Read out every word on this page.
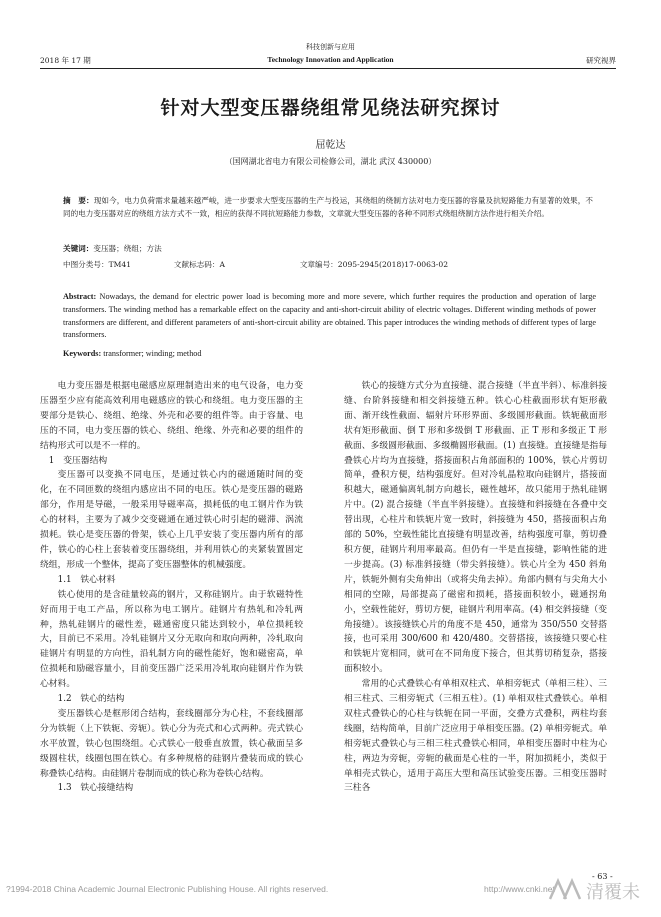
科技创新与应用
2018 年 17 期	Technology Innovation and Application	研究视界
针对大型变压器绕组常见绕法研究探讨
屈乾达
（国网湖北省电力有限公司检修公司，湖北 武汉 430000）
摘　要：现如今，电力负荷需求量越来越严峻，进一步要求大型变压器的生产与投运，其绕组的绕制方法对电力变压器的容量及抗短路能力有显著的效果，不同的电力变压器对应的绕组方法方式不一致，相应的获得不同抗短路能力参数，文章就大型变压器的各种不同形式绕组绕制方法作进行相关介绍。
关键词：变压器；绕组；方法
中图分类号：TM41	文献标志码：A	文章编号：2095-2945(2018)17-0063-02
Abstract: Nowadays, the demand for electric power load is becoming more and more severe, which further requires the production and operation of large transformers. The winding method has a remarkable effect on the capacity and anti-short-circuit ability of electric voltages. Different winding methods of power transformers are different, and different parameters of anti-short-circuit ability are obtained. This paper introduces the winding methods of different types of large transformers.
Keywords: transformer; winding; method

电力变压器是根据电磁感应原理制造出来的电气设备，电力变压器至少应有能高效利用电磁感应的铁心和绕组。电力变压器的主要部分是铁心、绕组、绝缘、外壳和必要的组件等。由于容量、电压的不同，电力变压器的铁心、绕组、绝缘、外壳和必要的组件的结构形式可以是不一样的。

1　变压器结构

变压器可以变换不同电压，是通过铁心内的磁通随时间的变化，在不同匝数的绕组内感应出不同的电压。铁心是变压器的磁路部分，作用是导磁，一般采用导磁率高，损耗低的电工钢片作为铁心的材料，主要为了减少交变磁通在通过铁心时引起的磁滞、涡流损耗。铁心是变压器的骨架，铁心上几乎安装了变压器内所有的部件，铁心的心柱上套装着变压器绕组，并利用铁心的夹紧装置固定绕组，形成一个整体，提高了变压器整体的机械强度。

1.1　铁心材料

铁心使用的是含硅量较高的钢片，又称硅钢片。由于软磁特性好而用于电工产品，所以称为电工钢片。硅钢片有热轧和冷轧两种，热轧硅钢片的磁性差，磁通密度只能达到较小，单位损耗较大，目前已不采用。冷轧硅钢片又分无取向和取向两种，冷轧取向硅钢片有明显的方向性，沿轧制方向的磁性能好，饱和磁密高，单位损耗和励磁容量小，目前变压器广泛采用冷轧取向硅钢片作为铁心材料。

1.2　铁心的结构

变压器铁心是框形闭合结构，套线圈部分为心柱，不套线圈部分为铁轭（上下铁轭、旁轭）。铁心分为壳式和心式两种。壳式铁心水平放置，铁心包围绕组。心式铁心一般垂直放置，铁心截面呈多级圆柱状，线圈包围在铁心。有多种规格的硅钢片叠装而成的铁心称叠铁心结构。由硅钢片卷制而成的铁心称为卷铁心结构。

1.3　铁心接缝结构

铁心的接缝方式分为直接缝、混合接缝（半直半斜）、标准斜接缝、台阶斜接缝和相交斜接缝五种。铁心心柱截面形状有矩形截面、渐开线性截面、辐射片环形界面、多级圆形截面。铁轭截面形状有矩形截面、倒 T 形和多级倒 T 形截面、正 T 形和多级正 T 形截面、多级圆形截面、多级椭圆形截面。(1) 直接缝。直接缝是指每叠铁心片均为直接缝，搭接面积占角部面积的 100%，铁心片剪切简单，叠积方便，结构强度好。但对冷轧晶粒取向硅钢片，搭接面积越大，磁通偏离轧制方向越长，磁性越坏，故只能用于热轧硅钢片中。(2) 混合接缝（半直半斜接缝）。直接缝和斜接缝在各叠中交替出现，心柱片和铁轭片宽一致时，斜接缝为 450，搭接面积占角部的 50%，空载性能比直接缝有明显改善，结构强度可靠，剪切叠积方便，硅钢片利用率最高。但仍有一半是直接缝，影响性能的进一步提高。(3) 标准斜接缝（带尖斜接缝）。铁心片全为 450 斜角片，铁轭外侧有尖角伸出（或将尖角去掉）。角部内侧有与尖角大小相同的空隙，局部提高了磁密和损耗，搭接面积较小，磁通拐角小，空载性能好，剪切方便，硅钢片利用率高。(4) 相交斜接缝（变角接缝）。该接缝铁心片的角度不是 450，通常为 350/550 交替搭接，也可采用 300/600 和 420/480。交替搭接，该接缝只要心柱和铁轭片宽相同，就可在不同角度下接合，但其剪切稍复杂，搭接面积较小。

常用的心式叠铁心有单相双柱式、单相旁轭式（单相三柱）、三相三柱式、三相旁轭式（三相五柱）。(1) 单相双柱式叠铁心。单相双柱式叠铁心的心柱与铁轭在同一平面，交叠方式叠积，两柱均套线圈，结构简单，目前广泛应用于单相变压器。(2) 单相旁轭式。单相旁轭式叠铁心与三相三柱式叠铁心相同，单相变压器时中柱为心柱，两边为旁轭，旁轭的截面是心柱的一半，附加损耗小，类似于单相壳式铁心，适用于高压大型和高压试验变压器。三相变压器时三柱各

?1994-2018 China Academic Journal Electronic Publishing House. All rights reserved.	http://www.cnki.net
- 63 -
清覆未
